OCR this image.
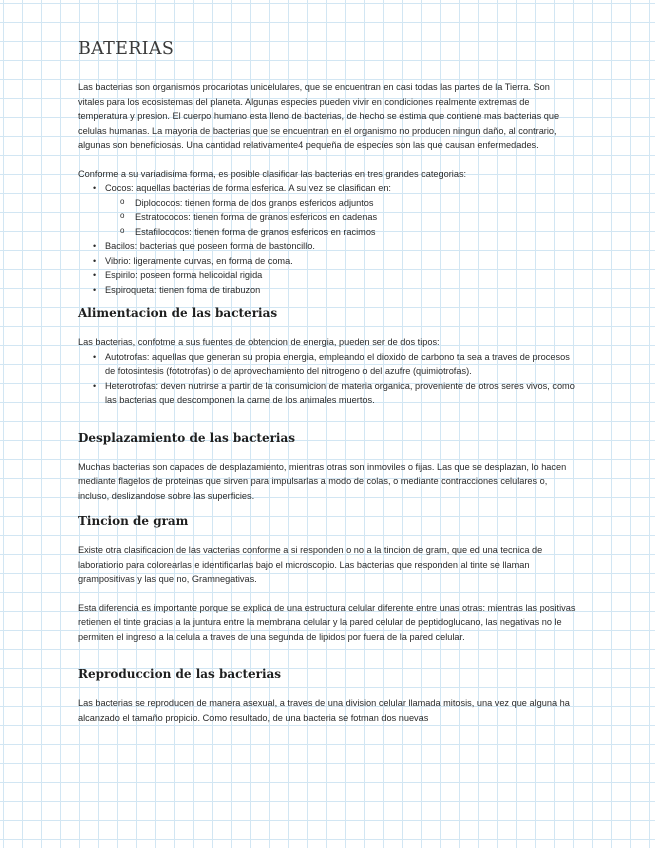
BATERIAS

Las bacterias son organismos procariotas unicelulares, que se encuentran en casi todas las partes de la Tierra. Son vitales para los ecosistemas del planeta. Algunas especies pueden vivir en condiciones realmente extremas de temperatura y presion. El cuerpo humano esta lleno de bacterias, de hecho se estima que contiene mas bacterias que celulas humanas. La mayoria de bacterias que se encuentran en el organismo no producen ningun daño, al contrario, algunas son beneficiosas. Una cantidad relativamente4 pequeña de especies son las que causan enfermedades.

Conforme a su variadisima forma, es posible clasificar las bacterias en tres grandes categorias:

• Cocos: aquellas bacterias de forma esferica. A su vez se clasifican en:
o Diplococos: tienen forma de dos granos esfericos adjuntos
o Estratococos: tienen forma de granos esfericos en cadenas
o Estafilococos: tienen forma de granos esfericos en racimos
• Bacilos: bacterias que poseen forma de bastoncillo.
• Vibrio: ligeramente curvas, en forma de coma.
• Espirilo: poseen forma helicoidal rigida
• Espiroqueta: tienen foma de tirabuzon
Alimentacion de las bacterias

Las bacterias, confotme a sus fuentes de obtencion de energia, pueden ser de dos tipos:

• Autotrofas: aquellas que generan su propia energia, empleando el dioxido de carbono ta sea a traves de procesos de fotosintesis (fototrofas) o de aprovechamiento del nitrogeno o del azufre (quimiotrofas).
• Heterotrofas: deven nutrirse a partir de la consumicion de materia organica, proveniente de otros seres vivos, como las bacterias que descomponen la carne de los animales muertos.
Desplazamiento de las bacterias

Muchas bacterias son capaces de desplazamiento, mientras otras son inmoviles o fijas. Las que se desplazan, lo hacen mediante flagelos de proteinas que sirven para impulsarlas a modo de colas, o mediante contracciones celulares o, incluso, deslizandose sobre las superficies.

Tincion de gram

Existe otra clasificacion de las vacterias conforme a si responden o no a la tincion de gram, que ed una tecnica de laboratiorio para colorearlas e identificarlas bajo el microscopio. Las bacterias que responden al tinte se llaman grampositivas y las que no, Gramnegativas.

Esta diferencia es importante porque se explica de una estructura celular diferente entre unas otras: mientras las positivas retienen el tinte gracias a la juntura entre la membrana celular y la pared celular de peptidoglucano, las negativas no le permiten el ingreso a la celula a traves de una segunda de lipidos por fuera de la pared celular.

Reproduccion de las bacterias

Las bacterias se reproducen de manera asexual, a traves de una division celular llamada mitosis, una vez que alguna ha alcanzado el tamaño propicio. Como resultado, de una bacteria se fotman dos nuevas
